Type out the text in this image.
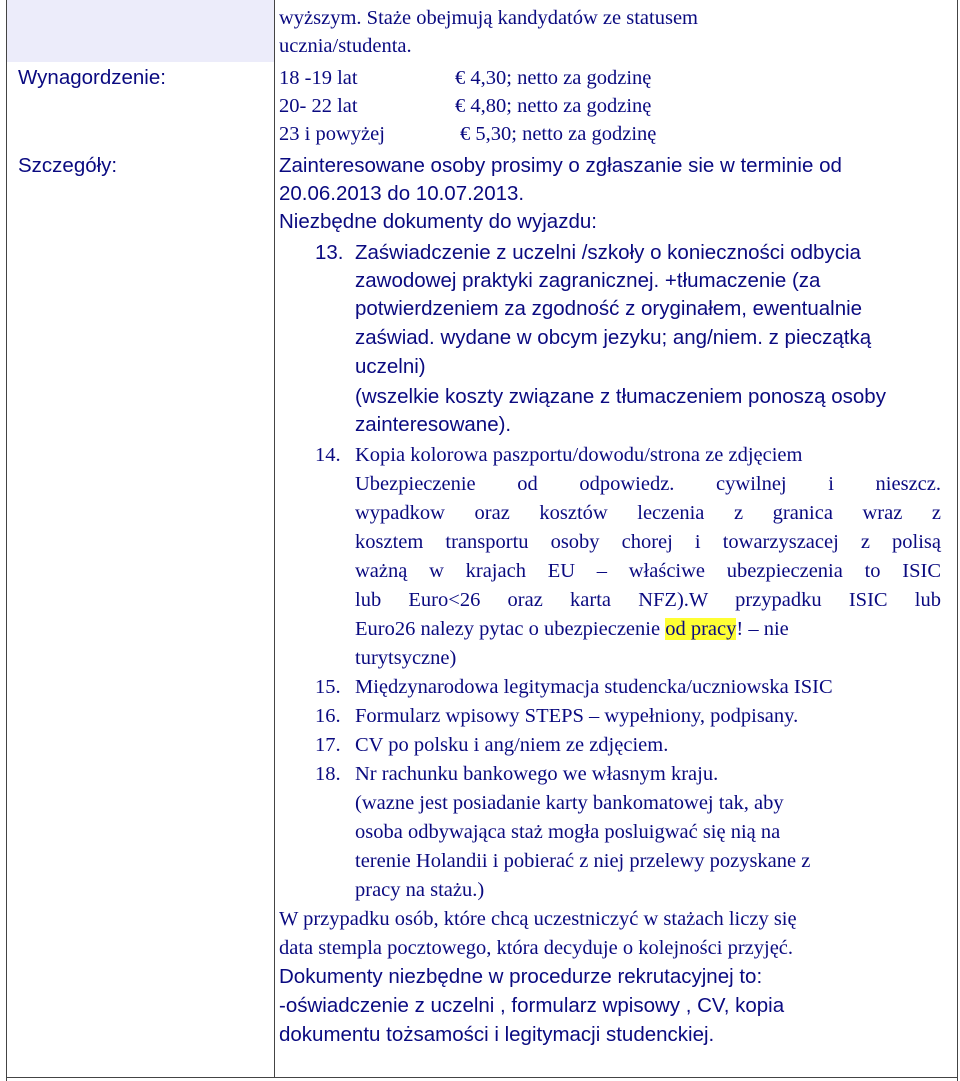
wyższym. Staże obejmują kandydatów ze statusem
ucznia/studenta.
Wynagordzenie:	18 -19 lat	€ 4,30; netto za godzinę
20- 22 lat	€ 4,80; netto za godzinę
23 i powyżej	€ 5,30; netto za godzinę
Szczegóły:	Zainteresowane osoby prosimy o zgłaszanie sie w terminie od
20.06.2013 do 10.07.2013.
Niezbędne dokumenty do wyjazdu:
13. Zaświadczenie z uczelni /szkoły o konieczności odbycia
zawodowej praktyki zagranicznej. +tłumaczenie (za
potwierdzeniem za zgodność z oryginałem, ewentualnie
zaświad. wydane w obcym jezyku; ang/niem. z pieczątką
uczelni)
(wszelkie koszty związane z tłumaczeniem ponoszą osoby
zainteresowane).
14. Kopia kolorowa paszportu/dowodu/strona ze zdjęciem
Ubezpieczenie od odpowiedz. cywilnej i nieszcz.
wypadkow oraz kosztów leczenia z granica wraz z
kosztem transportu osoby chorej i towarzyszacej z polisą
ważną w krajach EU – właściwe ubezpieczenia to ISIC
lub Euro<26 oraz karta NFZ).W przypadku ISIC lub
Euro26 nalezy pytac o ubezpieczenie od pracy! – nie
turytsyczne)
15. Międzynarodowa legitymacja studencka/uczniowska ISIC
16. Formularz wpisowy STEPS – wypełniony, podpisany.
17. CV po polsku i ang/niem ze zdjęciem.
18. Nr rachunku bankowego we własnym kraju.
(wazne jest posiadanie karty bankomatowej tak, aby
osoba odbywająca staż mogła posluigwać się nią na
terenie Holandii i pobierać z niej przelewy pozyskane z
pracy na stażu.)
W przypadku osób, które chcą uczestniczyć w stażach liczy się
data stempla pocztowego, która decyduje o kolejności przyjęć.
Dokumenty niezbędne w procedurze rekrutacyjnej to:
-oświadczenie z uczelni , formularz wpisowy , CV, kopia
dokumentu tożsamości i legitymacji studenckiej.
